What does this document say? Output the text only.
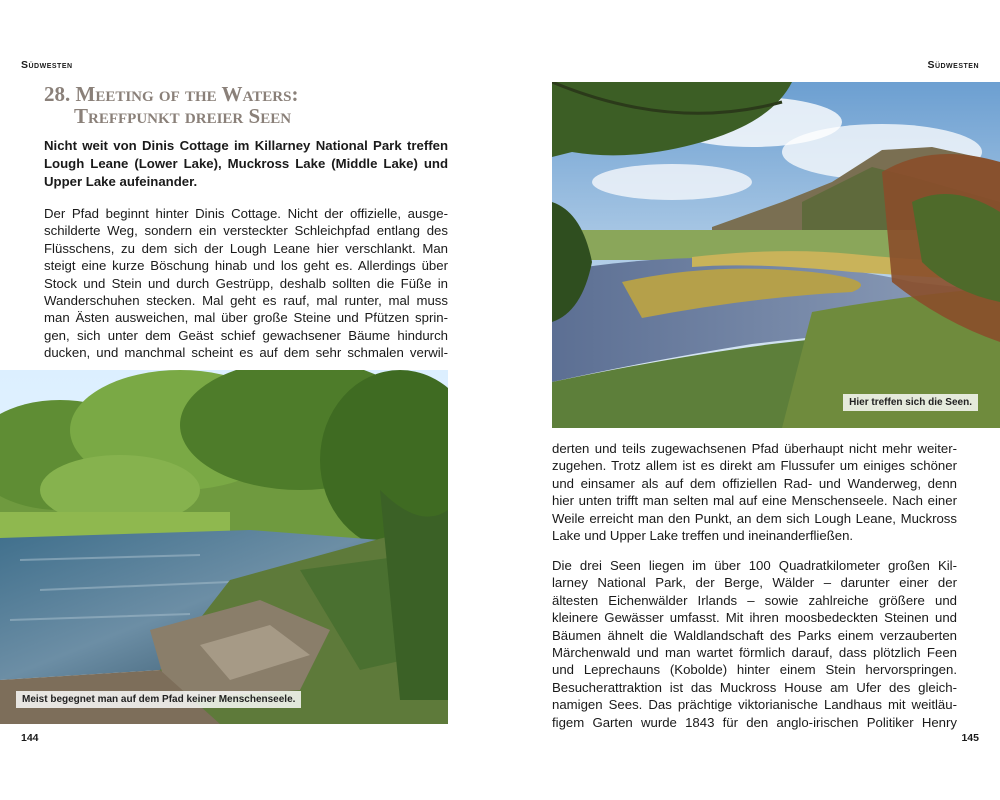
Südwesten
28. Meeting of the Waters:
Treffpunkt dreier Seen

Nicht weit von Dinis Cottage im Killarney National Park treffen Lough Leane (Lower Lake), Muckross Lake (Middle Lake) und Upper Lake aufeinander.

Der Pfad beginnt hinter Dinis Cottage. Nicht der offizielle, ausge-
schilderte Weg, sondern ein versteckter Schleichpfad entlang des
Flüsschens, zu dem sich der Lough Leane hier verschlankt. Man
steigt eine kurze Böschung hinab und los geht es. Allerdings über
Stock und Stein und durch Gestrüpp, deshalb sollten die Füße in
Wanderschuhen stecken. Mal geht es rauf, mal runter, mal muss
man Ästen ausweichen, mal über große Steine und Pfützen sprin-
gen, sich unter dem Geäst schief gewachsener Bäume hindurch
ducken, und manchmal scheint es auf dem sehr schmalen verwil-
Meist begegnet man auf dem Pfad keiner Menschenseele.
144
Südwesten
Hier treffen sich die Seen.
derten und teils zugewachsenen Pfad überhaupt nicht mehr weiter-
zugehen. Trotz allem ist es direkt am Flussufer um einiges schöner
und einsamer als auf dem offiziellen Rad- und Wanderweg, denn
hier unten trifft man selten mal auf eine Menschenseele. Nach einer
Weile erreicht man den Punkt, an dem sich Lough Leane, Muckross
Lake und Upper Lake treffen und ineinanderfließen.
Die drei Seen liegen im über 100 Quadratkilometer großen Kil-
larney National Park, der Berge, Wälder – darunter einer der
ältesten Eichenwälder Irlands – sowie zahlreiche größere und
kleinere Gewässer umfasst. Mit ihren moosbedeckten Steinen und
Bäumen ähnelt die Waldlandschaft des Parks einem verzauberten
Märchenwald und man wartet förmlich darauf, dass plötzlich Feen
und Leprechauns (Kobolde) hinter einem Stein hervorspringen.
Besucherattraktion ist das Muckross House am Ufer des gleich-
namigen Sees. Das prächtige viktorianische Landhaus mit weitläu-
figem Garten wurde 1843 für den anglo-irischen Politiker Henry
145
